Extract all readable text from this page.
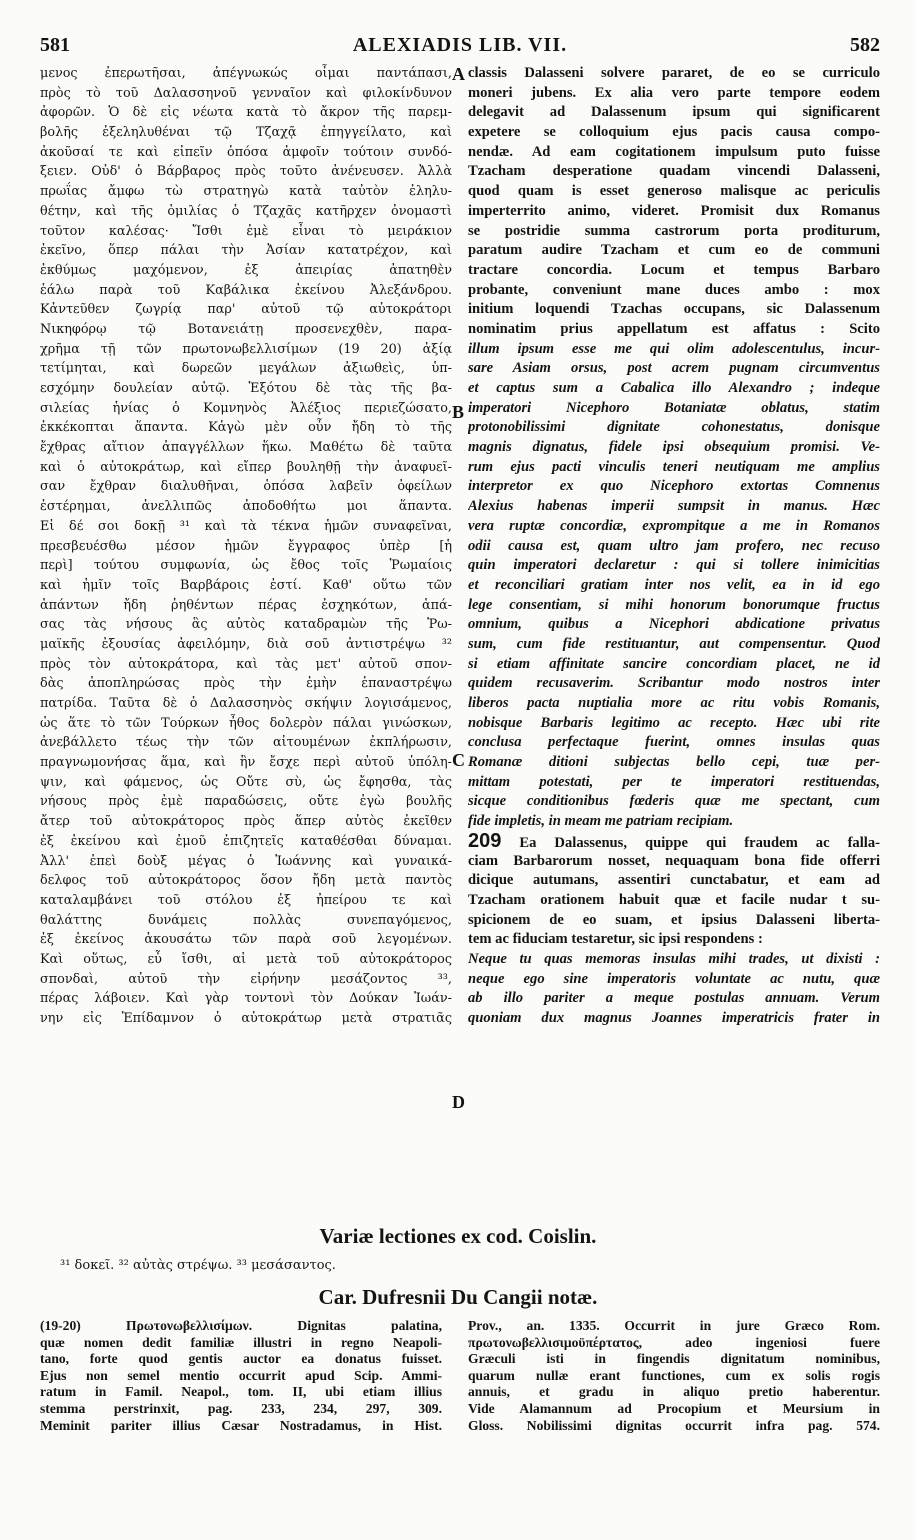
581	ALEXIADIS LIB. VII.	582
μενος ἐπερωτῆσαι, ἀπέγνωκώς οἶμαι παντάπασι,
πρὸς τὸ τοῦ Δαλασσηνοῦ γενναῖον καὶ φιλοκίνδυνον
ἀφορῶν. Ὁ δὲ εἰς νέωτα κατὰ τὸ ἄκρον τῆς παρεμ-
βολῆς ἐξεληλυθέναι τῷ Τζαχᾷ ἐπηγγείλατο, καὶ
ἀκοῦσαί τε καὶ εἰπεῖν ὁπόσα ἀμφοῖν τούτοιν συνδό-
ξειεν. Οὐδ' ὁ Βάρβαρος πρὸς τοῦτο ἀνένευσεν. Ἀλλὰ
πρωΐας ἄμφω τὼ στρατηγὼ κατὰ ταὐτὸν ἐληλυ-
θέτην, καὶ τῆς ὁμιλίας ὁ Τζαχᾶς κατῆρχεν ὀνομαστὶ
τοῦτον καλέσας· Ἴσθι ἐμὲ εἶναι τὸ μειράκιον
ἐκεῖνο, ὅπερ πάλαι τὴν Ἀσίαν κατατρέχον, καὶ
ἐκθύμως μαχόμενον, ἐξ ἀπειρίας ἀπατηθὲν
ἑάλω παρὰ τοῦ Καβάλικα ἐκείνου Ἀλεξάνδρου.
Κἀντεῦθεν ζωγρίᾳ παρ' αὐτοῦ τῷ αὐτοκράτορι
Νικηφόρῳ τῷ Βοτανειάτῃ προσενεχθὲν, παρα-
χρῆμα τῇ τῶν πρωτονωβελλισίμων (19 20) ἀξίᾳ
τετίμηται, καὶ δωρεῶν μεγάλων ἀξιωθεὶς, ὑπ-
εσχόμην δουλείαν αὐτῷ. Ἐξότου δὲ τὰς τῆς βα-
σιλείας ἡνίας ὁ Κομνηνὸς Ἀλέξιος περιεζώσατο,
ἐκκέκοπται ἅπαντα. Κἀγὼ μὲν οὖν ἤδη τὸ τῆς
ἔχθρας αἴτιον ἀπαγγέλλων ἥκω. Μαθέτω δὲ ταῦτα
καὶ ὁ αὐτοκράτωρ, καὶ εἴπερ βουληθῇ τὴν ἀναφυεῖ-
σαν ἔχθραν διαλυθῆναι, ὁπόσα λαβεῖν ὀφείλων
ἐστέρημαι, ἀνελλιπῶς ἀποδοθήτω μοι ἅπαντα.
Εἰ δέ σοι δοκῇ ³¹ καὶ τὰ τέκνα ἡμῶν συναφεῖναι,
πρεσβευέσθω μέσον ἡμῶν ἔγγραφος ὑπὲρ [ἡ
περὶ] τούτου συμφωνία, ὡς ἔθος τοῖς Ῥωμαίοις
καὶ ἡμῖν τοῖς Βαρβάροις ἐστί. Καθ' οὕτω τῶν
ἁπάντων ἤδη ῥηθέντων πέρας ἐσχηκότων, ἁπά-
σας τὰς νήσους ἃς αὐτὸς καταδραμὼν τῆς Ῥω-
μαϊκῆς ἐξουσίας ἀφειλόμην, διὰ σοῦ ἀντιστρέψω ³²
πρὸς τὸν αὐτοκράτορα, καὶ τὰς μετ' αὐτοῦ σπον-
δὰς ἀποπληρώσας πρὸς τὴν ἐμὴν ἐπαναστρέψω
πατρίδα. Ταῦτα δὲ ὁ Δαλασσηνὸς σκήψιν λογισάμενος,
ὡς ἅτε τὸ τῶν Τούρκων ἦθος δολερὸν πάλαι γινώσκων,
ἀνεβάλλετο τέως τὴν τῶν αἰτουμένων ἐκπλήρωσιν,
πραγνωμονήσας ἅμα, καὶ ἣν ἔσχε περὶ αὐτοῦ ὑπόλη-
ψιν, καὶ φάμενος, ὡς Οὔτε σὺ, ὡς ἔφησθα, τὰς
νήσους πρὸς ἐμὲ παραδώσεις, οὔτε ἐγὼ βουλῆς
ἄτερ τοῦ αὐτοκράτορος πρὸς ἅπερ αὐτὸς ἐκεῖθεν
ἐξ ἐκείνου καὶ ἐμοῦ ἐπιζητεῖς καταθέσθαι δύναμαι.
Ἀλλ' ἐπεὶ δοὺξ μέγας ὁ Ἰωάννης καὶ γυναικά-
δελφος τοῦ αὐτοκράτορος ὅσον ἤδη μετὰ παντὸς
καταλαμβάνει τοῦ στόλου ἐξ ἠπείρου τε καὶ
θαλάττης δυνάμεις πολλὰς συνεπαγόμενος,
ἐξ ἐκείνος ἀκουσάτω τῶν παρὰ σοῦ λεγομένων.
Καὶ οὕτως, εὖ ἴσθι, αἱ μετὰ τοῦ αὐτοκράτορος
σπονδαὶ, αὐτοῦ τὴν εἰρήνην μεσάζοντος ³³,
πέρας λάβοιεν. Καὶ γὰρ τοντονὶ τὸν Δούκαν Ἰωάν-
νην εἰς Ἐπίδαμνον ὁ αὐτοκράτωρ μετὰ στρατιᾶς
classis Dalasseni solvere pararet, de eo se curriculo
moneri jubens. Ex alia vero parte tempore eodem
delegavit ad Dalassenum ipsum qui significarent
expetere se colloquium ejus pacis causa compo-
nendæ. Ad eam cogitationem impulsum puto fuisse
Tzacham desperatione quadam vincendi Dalasseni,
quod quam is esset generoso malisque ac periculis
imperterrito animo, videret. Promisit dux Romanus
se postridie summa castrorum porta proditurum,
paratum audire Tzacham et cum eo de communi
tractare concordia. Locum et tempus Barbaro
probante, conveniunt mane duces ambo : mox
initium loquendi Tzachas occupans, sic Dalassenum
nominatim prius appellatum est affatus : Scito
illum ipsum esse me qui olim adolescentulus, incur-
sare Asiam orsus, post acrem pugnam circumventus
et captus sum a Cabalica illo Alexandro ; indeque
imperatori Nicephoro Botaniatæ oblatus, statim
protonobilissimi dignitate cohonestatus, donisque
magnis dignatus, fidele ipsi obsequium promisi. Ve-
rum ejus pacti vinculis teneri neutiquam me amplius
interpretor ex quo Nicephoro extortas Comnenus
Alexius habenas imperii sumpsit in manus. Hæc
vera ruptæ concordiæ, exprompitque a me in Romanos
odii causa est, quam ultro jam profero, nec recuso
quin imperatori declaretur : qui si tollere inimicitias
et reconciliari gratiam inter nos velit, ea in id ego
lege consentiam, si mihi honorum bonorumque fructus
omnium, quibus a Nicephori abdicatione privatus
sum, cum fide restituantur, aut compensentur. Quod
si etiam affinitate sancire concordiam placet, ne id
quidem recusaverim. Scribantur modo nostros inter
liberos pacta nuptialia more ac ritu vobis Romanis,
nobisque Barbaris legitimo ac recepto. Hæc ubi rite
conclusa perfectaque fuerint, omnes insulas quas
Romanæ ditioni subjectas bello cepi, tuæ per-
mittam potestati, per te imperatori restituendas,
sicque conditionibus fœderis quæ me spectant, cum
fide impletis, in meam me patriam recipiam.
209 Ea Dalassenus, quippe qui fraudem ac falla-
ciam Barbarorum nosset, nequaquam bona fide offerri
dicique autumans, assentiri cunctabatur, et eam ad
Tzacham orationem habuit quæ et facile nudar t su-
spicionem de eo suam, et ipsius Dalasseni liberta-
tem ac fiduciam testaretur, sic ipsi respondens :
Neque tu quas memoras insulas mihi trades, ut dixisti :
neque ego sine imperatoris voluntate ac nutu, quæ
ab illo pariter a meque postulas annuam. Verum
quoniam dux magnus Joannes imperatricis frater in
A
B
C
D
Variæ lectiones ex cod. Coislin.
³¹ δοκεῖ. ³² αὐτὰς στρέψω. ³³ μεσάσαντος.
Car. Dufresnii Du Cangii notæ.
(19-20) Πρωτονωβελλισίμων. Dignitas palatina,
quæ nomen dedit familiæ illustri in regno Neapoli-
tano, forte quod gentis auctor ea donatus fuisset.
Ejus non semel mentio occurrit apud Scip. Ammi-
ratum in Famil. Neapol., tom. II, ubi etiam illius
stemma perstrinxit, pag. 233, 234, 297, 309.
Meminit pariter illius Cæsar Nostradamus, in Hist.
Prov., an. 1335. Occurrit in jure Græco Rom.
πρωτονωβελλισιμοϋπέρτατος, adeo ingeniosi fuere
Græculi isti in fingendis dignitatum nominibus,
quarum nullæ erant functiones, cum ex solis rogis
annuis, et gradu in aliquo pretio haberentur.
Vide Alamannum ad Procopium et Meursium in
Gloss. Nobilissimi dignitas occurrit infra pag. 574.
